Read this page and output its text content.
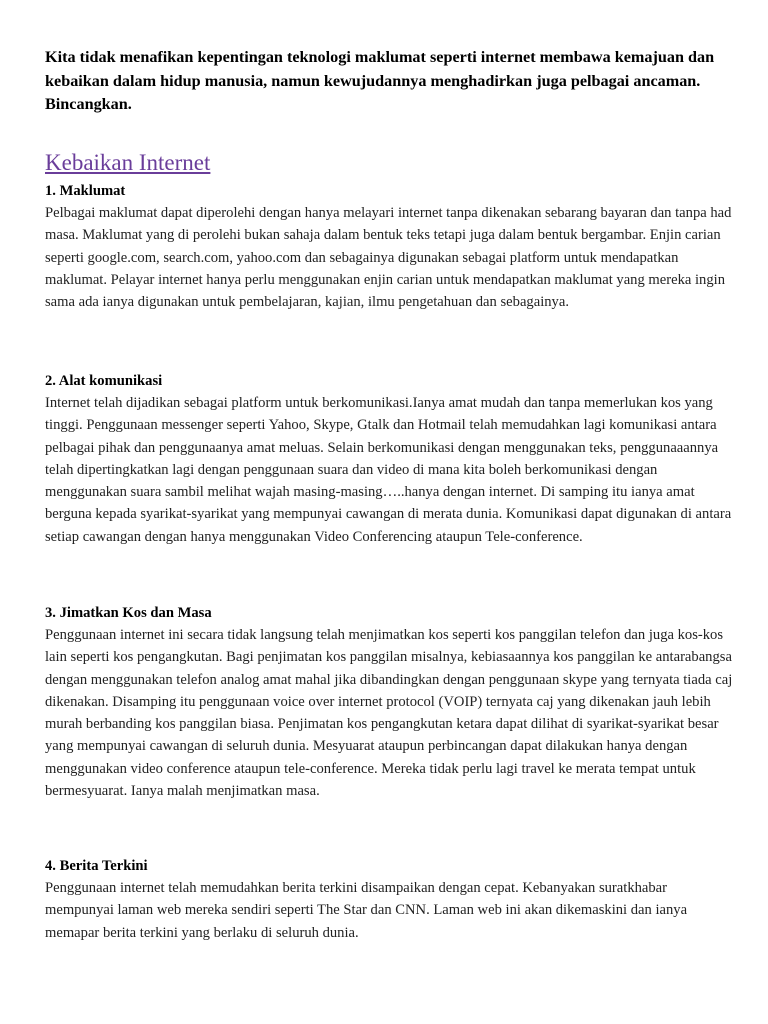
Kita tidak menafikan kepentingan teknologi maklumat seperti internet membawa kemajuan dan kebaikan dalam hidup manusia, namun kewujudannya menghadirkan juga pelbagai ancaman. Bincangkan.

Kebaikan Internet
1. Maklumat

Pelbagai maklumat dapat diperolehi dengan hanya melayari internet tanpa dikenakan sebarang bayaran dan tanpa had masa. Maklumat yang di perolehi bukan sahaja dalam bentuk teks tetapi juga dalam bentuk bergambar. Enjin carian seperti google.com, search.com, yahoo.com dan sebagainya digunakan sebagai platform untuk mendapatkan maklumat. Pelayar internet hanya perlu menggunakan enjin carian untuk mendapatkan maklumat yang mereka ingin sama ada ianya digunakan untuk pembelajaran, kajian, ilmu pengetahuan dan sebagainya.

2. Alat komunikasi

Internet telah dijadikan sebagai platform untuk berkomunikasi.Ianya amat mudah dan tanpa memerlukan kos yang tinggi. Penggunaan messenger seperti Yahoo, Skype, Gtalk dan Hotmail telah memudahkan lagi komunikasi antara pelbagai pihak dan penggunaanya amat meluas. Selain berkomunikasi dengan menggunakan teks, penggunaaannya telah dipertingkatkan lagi dengan penggunaan suara dan video di mana kita boleh berkomunikasi dengan menggunakan suara sambil melihat wajah masing-masing…..hanya dengan internet. Di samping itu ianya amat berguna kepada syarikat-syarikat yang mempunyai cawangan di merata dunia. Komunikasi dapat digunakan di antara setiap cawangan dengan hanya menggunakan Video Conferencing ataupun Tele-conference.

3. Jimatkan Kos dan Masa

Penggunaan internet ini secara tidak langsung telah menjimatkan kos seperti kos panggilan telefon dan juga kos-kos lain seperti kos pengangkutan. Bagi penjimatan kos panggilan misalnya, kebiasaannya kos panggilan ke antarabangsa dengan menggunakan telefon analog amat mahal jika dibandingkan dengan penggunaan skype yang ternyata tiada caj dikenakan. Disamping itu penggunaan voice over internet protocol (VOIP) ternyata caj yang dikenakan jauh lebih murah berbanding kos panggilan biasa. Penjimatan kos pengangkutan ketara dapat dilihat di syarikat-syarikat besar yang mempunyai cawangan di seluruh dunia. Mesyuarat ataupun perbincangan dapat dilakukan hanya dengan menggunakan video conference ataupun tele-conference. Mereka tidak perlu lagi travel ke merata tempat untuk bermesyuarat. Ianya malah menjimatkan masa.

4. Berita Terkini

Penggunaan internet telah memudahkan berita terkini disampaikan dengan cepat. Kebanyakan suratkhabar mempunyai laman web mereka sendiri seperti The Star dan CNN. Laman web ini akan dikemaskini dan ianya memapar berita terkini yang berlaku di seluruh dunia.
